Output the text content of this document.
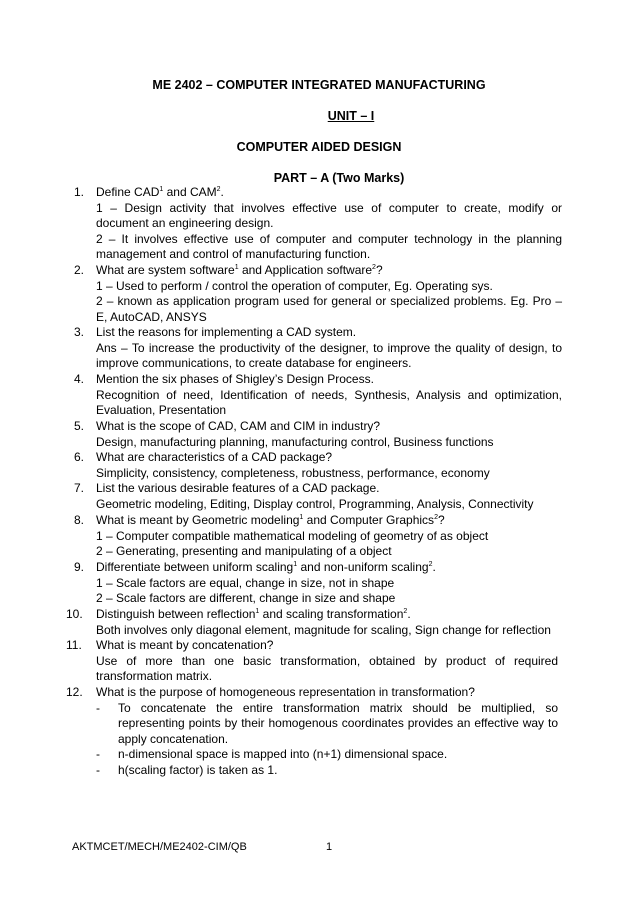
ME 2402 – COMPUTER INTEGRATED MANUFACTURING
UNIT – I
COMPUTER AIDED DESIGN
PART – A (Two Marks)
1. Define CAD$^1$ and CAM$^2$.
1 – Design activity that involves effective use of computer to create, modify or document an engineering design.
2 – It involves effective use of computer and computer technology in the planning management and control of manufacturing function.
2. What are system software$^1$ and Application software$^2$?
1 – Used to perform / control the operation of computer, Eg. Operating sys.
2 – known as application program used for general or specialized problems. Eg. Pro – E, AutoCAD, ANSYS
3. List the reasons for implementing a CAD system.
Ans – To increase the productivity of the designer, to improve the quality of design, to improve communications, to create database for engineers.
4. Mention the six phases of Shigley’s Design Process.
Recognition of need, Identification of needs, Synthesis, Analysis and optimization, Evaluation, Presentation
5. What is the scope of CAD, CAM and CIM in industry?
Design, manufacturing planning, manufacturing control, Business functions
6. What are characteristics of a CAD package?
Simplicity, consistency, completeness, robustness, performance, economy
7. List the various desirable features of a CAD package.
Geometric modeling, Editing, Display control, Programming, Analysis, Connectivity
8. What is meant by Geometric modeling$^1$ and Computer Graphics$^2$?
1 – Computer compatible mathematical modeling of geometry of as object
2 – Generating, presenting and manipulating of a object
9. Differentiate between uniform scaling$^1$ and non-uniform scaling$^2$.
1 – Scale factors are equal, change in size, not in shape
2 – Scale factors are different, change in size and shape
10. Distinguish between reflection$^1$ and scaling transformation$^2$.
Both involves only diagonal element, magnitude for scaling, Sign change for reflection
11. What is meant by concatenation?
Use of more than one basic transformation, obtained by product of required transformation matrix.
12. What is the purpose of homogeneous representation in transformation?
- To concatenate the entire transformation matrix should be multiplied, so representing points by their homogenous coordinates provides an effective way to apply concatenation.
- n-dimensional space is mapped into (n+1) dimensional space.
- h(scaling factor) is taken as 1.
AKTMCET/MECH/ME2402-CIM/QB	1
